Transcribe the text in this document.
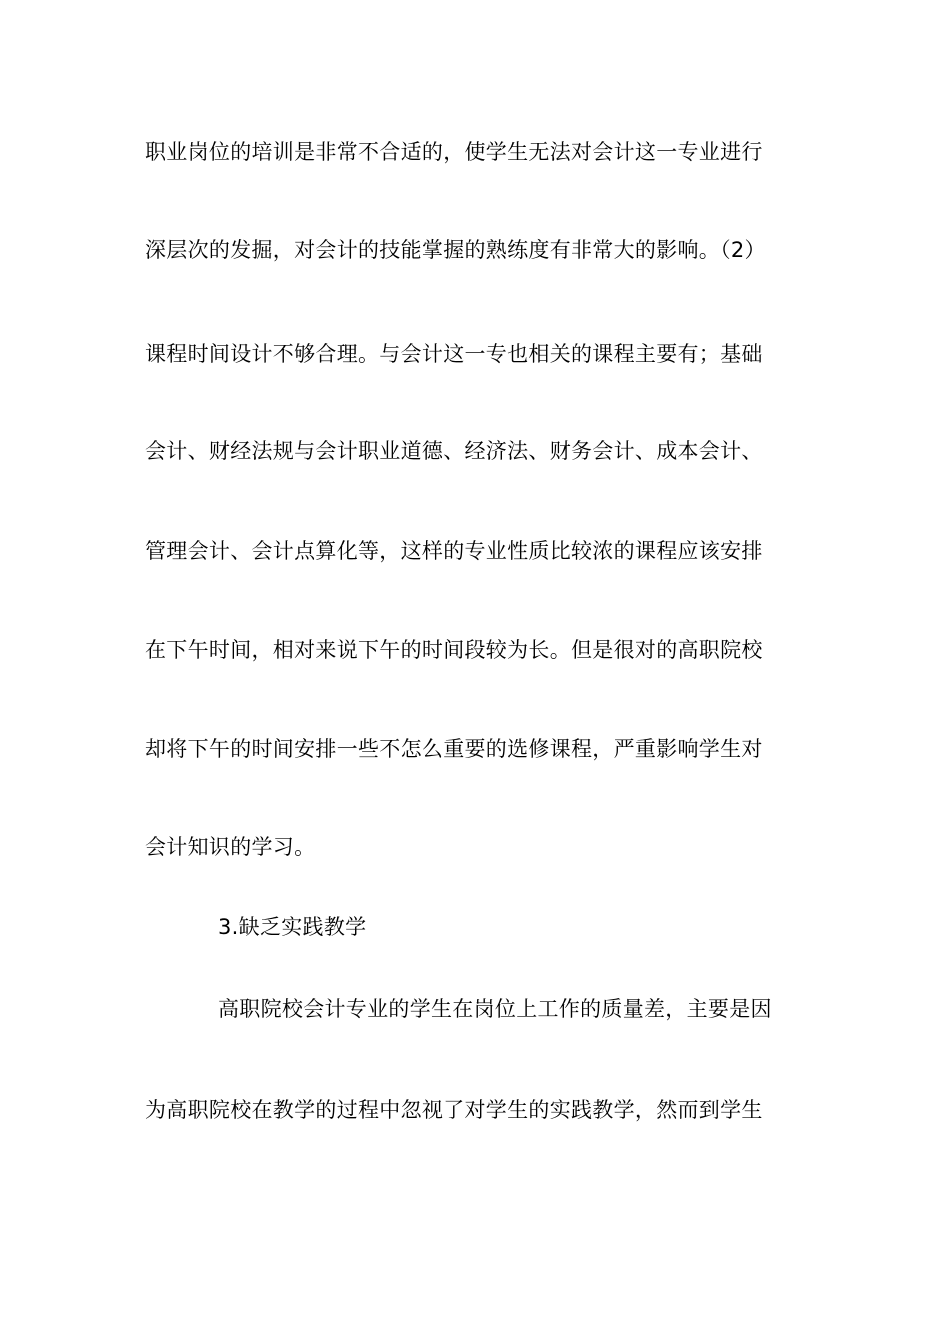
职业岗位的培训是非常不合适的，使学生无法对会计这一专业进行
深层次的发掘，对会计的技能掌握的熟练度有非常大的影响。（2）
课程时间设计不够合理。与会计这一专也相关的课程主要有；基础
会计、财经法规与会计职业道德、经济法、财务会计、成本会计、
管理会计、会计点算化等，这样的专业性质比较浓的课程应该安排
在下午时间，相对来说下午的时间段较为长。但是很对的高职院校
却将下午的时间安排一些不怎么重要的选修课程，严重影响学生对
会计知识的学习。
3.缺乏实践教学
高职院校会计专业的学生在岗位上工作的质量差，主要是因
为高职院校在教学的过程中忽视了对学生的实践教学，然而到学生
